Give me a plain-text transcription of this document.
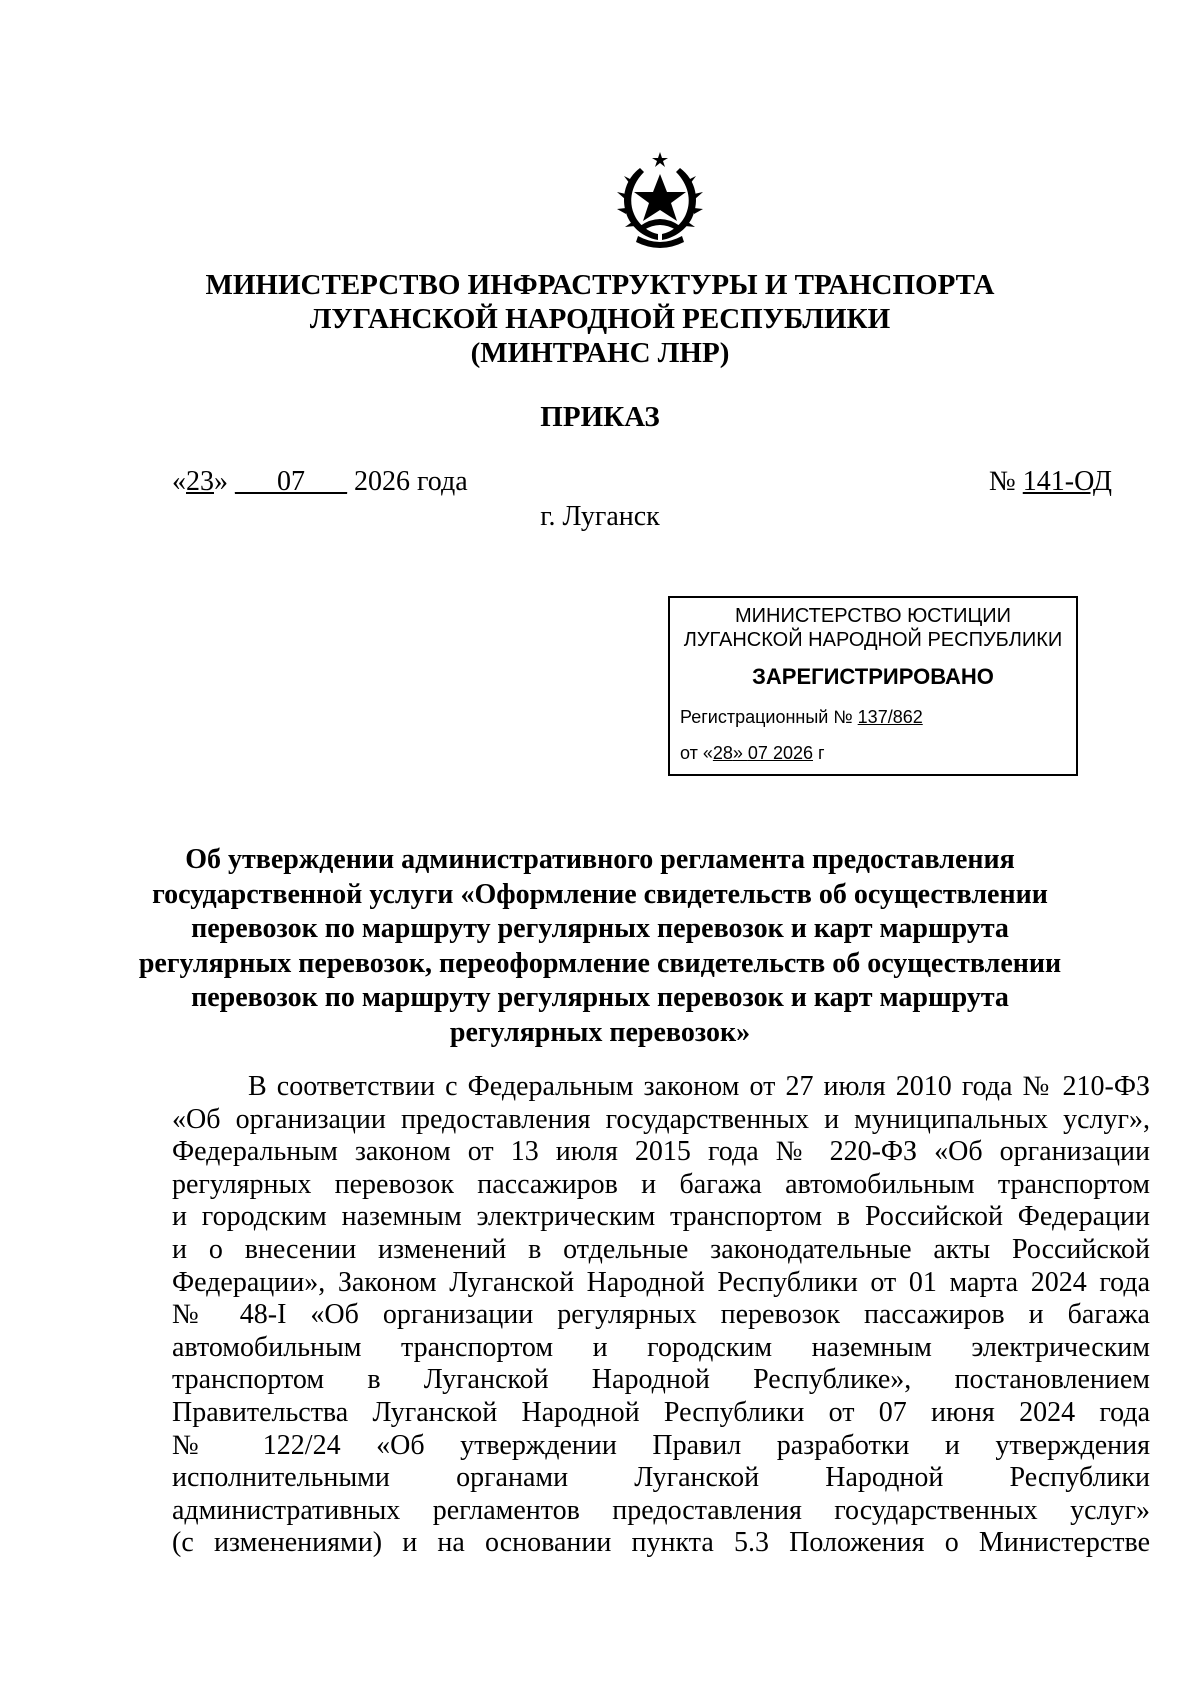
МИНИСТЕРСТВО ИНФРАСТРУКТУРЫ И ТРАНСПОРТА
ЛУГАНСКОЙ НАРОДНОЙ РЕСПУБЛИКИ
(МИНТРАНС ЛНР)
ПРИКАЗ
«23» ___07___ 2026 года	№ 141-ОД
г. Луганск
МИНИСТЕРСТВО ЮСТИЦИИ
ЛУГАНСКОЙ НАРОДНОЙ РЕСПУБЛИКИ
ЗАРЕГИСТРИРОВАНО
Регистрационный № 137/862
от «28» 07 2026 г
Об утверждении административного регламента предоставления
государственной услуги «Оформление свидетельств об осуществлении
перевозок по маршруту регулярных перевозок и карт маршрута
регулярных перевозок, переоформление свидетельств об осуществлении
перевозок по маршруту регулярных перевозок и карт маршрута
регулярных перевозок»
В соответствии с Федеральным законом от 27 июля 2010 года № 210-ФЗ
«Об организации предоставления государственных и муниципальных услуг»,
Федеральным законом от 13 июля 2015 года № 220-ФЗ «Об организации
регулярных перевозок пассажиров и багажа автомобильным транспортом
и городским наземным электрическим транспортом в Российской Федерации
и о внесении изменений в отдельные законодательные акты Российской
Федерации», Законом Луганской Народной Республики от 01 марта 2024 года
№ 48-I «Об организации регулярных перевозок пассажиров и багажа
автомобильным транспортом и городским наземным электрическим
транспортом в Луганской Народной Республике», постановлением
Правительства Луганской Народной Республики от 07 июня 2024 года
№ 122/24 «Об утверждении Правил разработки и утверждения
исполнительными органами Луганской Народной Республики
административных регламентов предоставления государственных услуг»
(с изменениями) и на основании пункта 5.3 Положения о Министерстве
